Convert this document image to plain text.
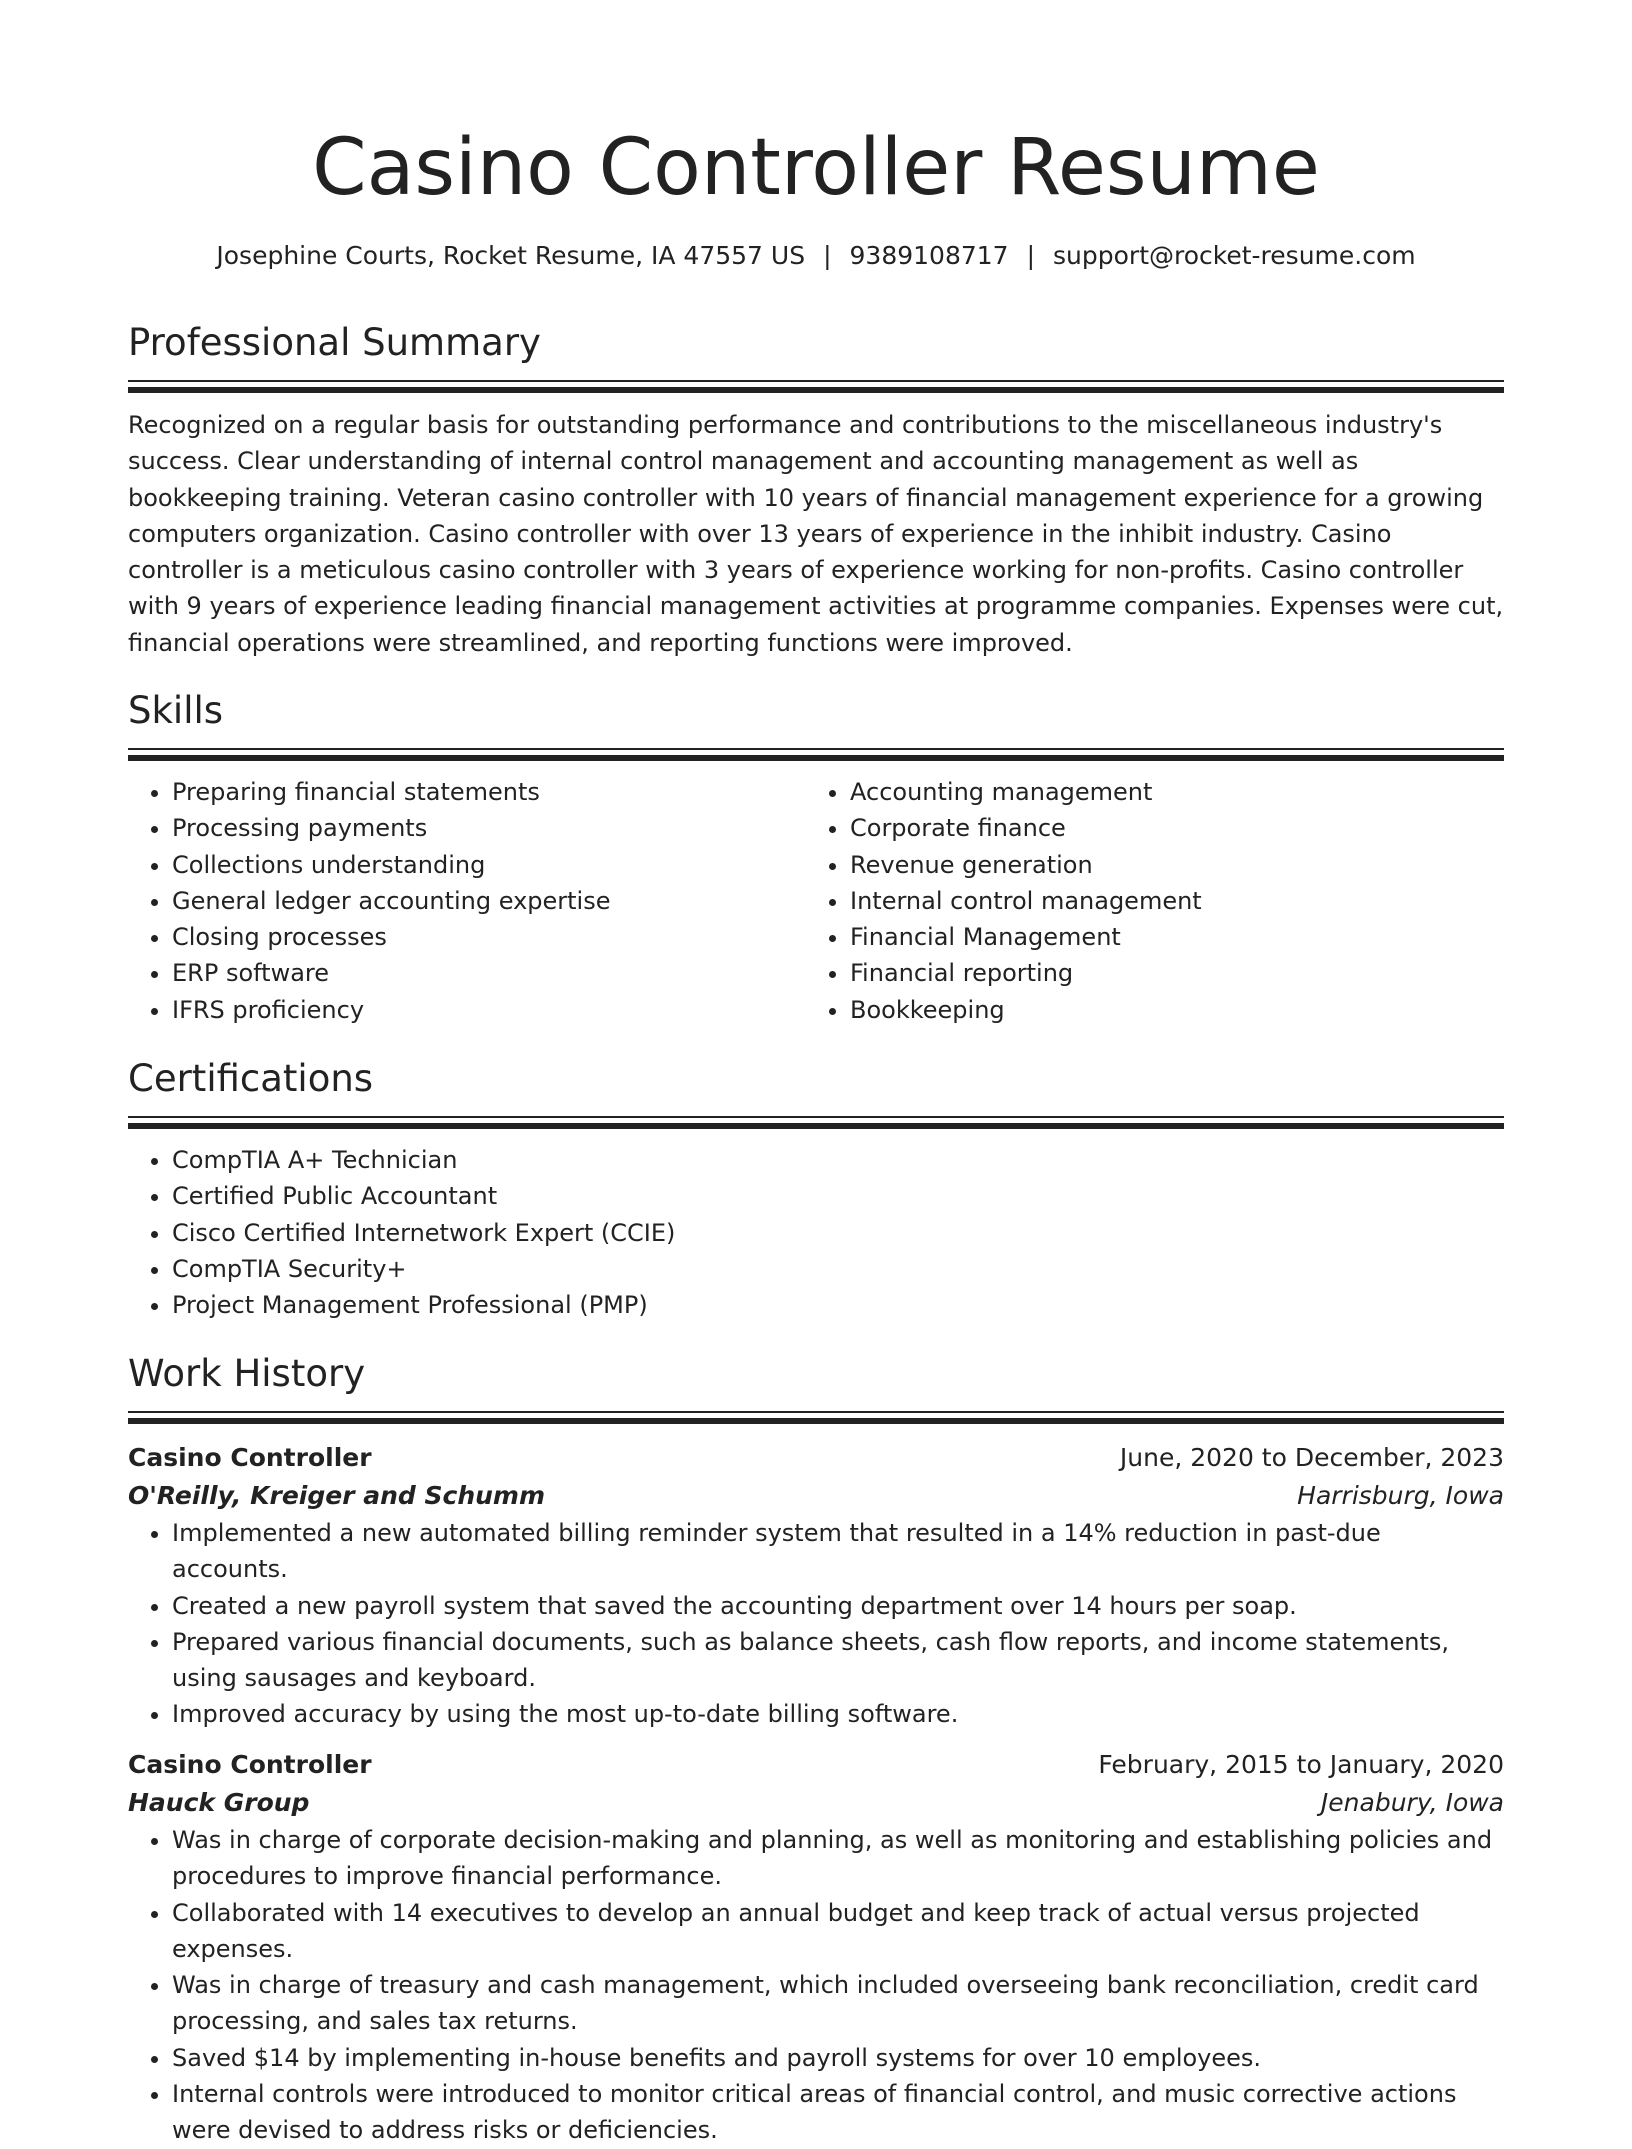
Casino Controller Resume
Josephine Courts, Rocket Resume, IA 47557 US | 9389108717 | support@rocket-resume.com
Professional Summary

Recognized on a regular basis for outstanding performance and contributions to the miscellaneous industry's success. Clear understanding of internal control management and accounting management as well as bookkeeping training. Veteran casino controller with 10 years of financial management experience for a growing computers organization. Casino controller with over 13 years of experience in the inhibit industry. Casino controller is a meticulous casino controller with 3 years of experience working for non-profits. Casino controller with 9 years of experience leading financial management activities at programme companies. Expenses were cut, financial operations were streamlined, and reporting functions were improved.

Skills
• Preparing financial statements
• Processing payments
• Collections understanding
• General ledger accounting expertise
• Closing processes
• ERP software
• IFRS proficiency
• Accounting management
• Corporate finance
• Revenue generation
• Internal control management
• Financial Management
• Financial reporting
• Bookkeeping
Certifications
• CompTIA A+ Technician
• Certified Public Accountant
• Cisco Certified Internetwork Expert (CCIE)
• CompTIA Security+
• Project Management Professional (PMP)
Work History
Casino Controller	June, 2020 to December, 2023
O'Reilly, Kreiger and Schumm	Harrisburg, Iowa
• Implemented a new automated billing reminder system that resulted in a 14% reduction in past-due accounts.
• Created a new payroll system that saved the accounting department over 14 hours per soap.
• Prepared various financial documents, such as balance sheets, cash flow reports, and income statements, using sausages and keyboard.
• Improved accuracy by using the most up-to-date billing software.
Casino Controller	February, 2015 to January, 2020
Hauck Group	Jenabury, Iowa
• Was in charge of corporate decision-making and planning, as well as monitoring and establishing policies and procedures to improve financial performance.
• Collaborated with 14 executives to develop an annual budget and keep track of actual versus projected expenses.
• Was in charge of treasury and cash management, which included overseeing bank reconciliation, credit card processing, and sales tax returns.
• Saved $14 by implementing in-house benefits and payroll systems for over 10 employees.
• Internal controls were introduced to monitor critical areas of financial control, and music corrective actions were devised to address risks or deficiencies.
